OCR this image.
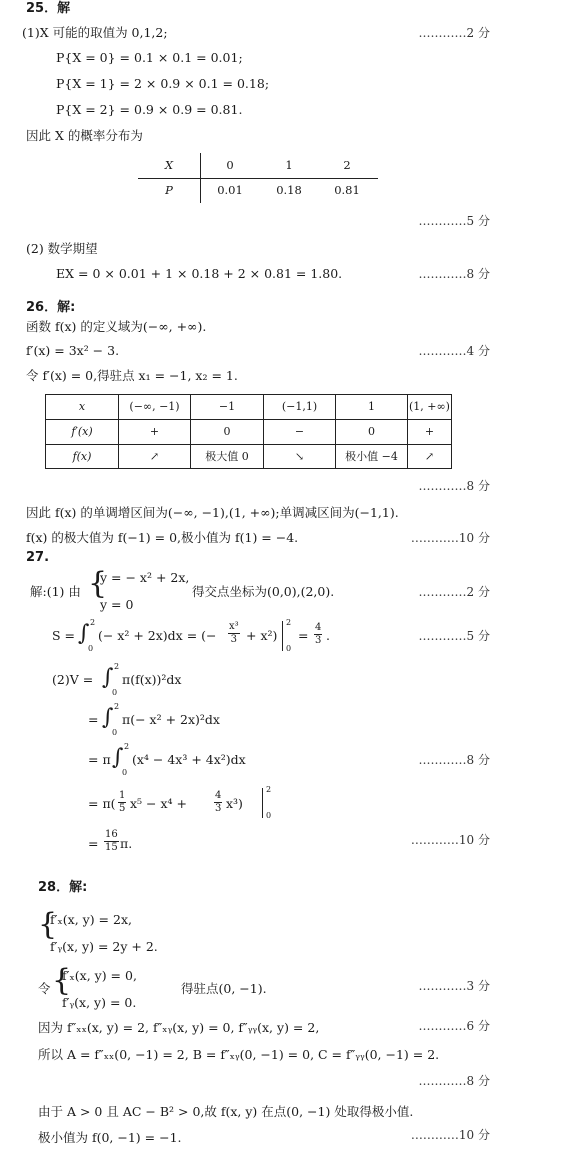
25．解
(1)X 可能的取值为 0,1,2;	…………2 分
P{X = 0} = 0.1 × 0.1 = 0.01;
P{X = 1} = 2 × 0.9 × 0.1 = 0.18;
P{X = 2} = 0.9 × 0.9 = 0.81.
因此 X 的概率分布为
X	0	1	2
P	0.01	0.18	0.81
…………5 分
(2) 数学期望
EX = 0 × 0.01 + 1 × 0.18 + 2 × 0.81 = 1.80.	…………8 分
26．解:
函数 f(x) 的定义域为(−∞, +∞).
f′(x) = 3x² − 3.	…………4 分
令 f′(x) = 0,得驻点 x₁ = −1, x₂ = 1.
x	(−∞, −1)	−1	(−1,1)	1	(1, +∞)
f′(x)	+	0	−	0	+
f(x)	↗	极大值 0	↘	极小值 −4	↗
…………8 分
因此 f(x) 的单调增区间为(−∞, −1),(1, +∞);单调减区间为(−1,1).
f(x) 的极大值为 f(−1) = 0,极小值为 f(1) = −4.	…………10 分
27.
解:(1) 由 {
y = − x² + 2x,
y = 0
得交点坐标为(0,0),(2,0).	…………2 分
S = ∫ 2
0
(− x² + 2x)dx = (− $\frac{\text{x³}}{3} + x^2$)
2
0
= $\frac{4}{3}$ .	…………5 分
(2)V = ∫ 2
0
π(f(x))²dx
= ∫ 2
0
π(− x² + 2x)²dx
= π ∫ 2
0
(x⁴ − 4x³ + 4x²)dx	…………8 分
= $\pi( \frac{1}{5} x^5 - x^4$ +	$\frac{4}{3} x^3$)
2
0
= $\frac{16}{15} \pi$.	…………10 分
28．解:
{
f′ₓ(x, y) = 2x,
f′ᵧ(x, y) = 2y + 2.
令 {
f′ₓ(x, y) = 0,
f′ᵧ(x, y) = 0.
得驻点(0, −1).	…………3 分
因为 f″ₓₓ(x, y) = 2, f″ₓᵧ(x, y) = 0, f″ᵧᵧ(x, y) = 2,	…………6 分
所以 A = f″ₓₓ(0, −1) = 2, B = f″ₓᵧ(0, −1) = 0, C = f″ᵧᵧ(0, −1) = 2.
…………8 分
由于 A > 0 且 AC − B² > 0,故 f(x, y) 在点(0, −1) 处取得极小值.
极小值为 f(0, −1) = −1.	…………10 分
